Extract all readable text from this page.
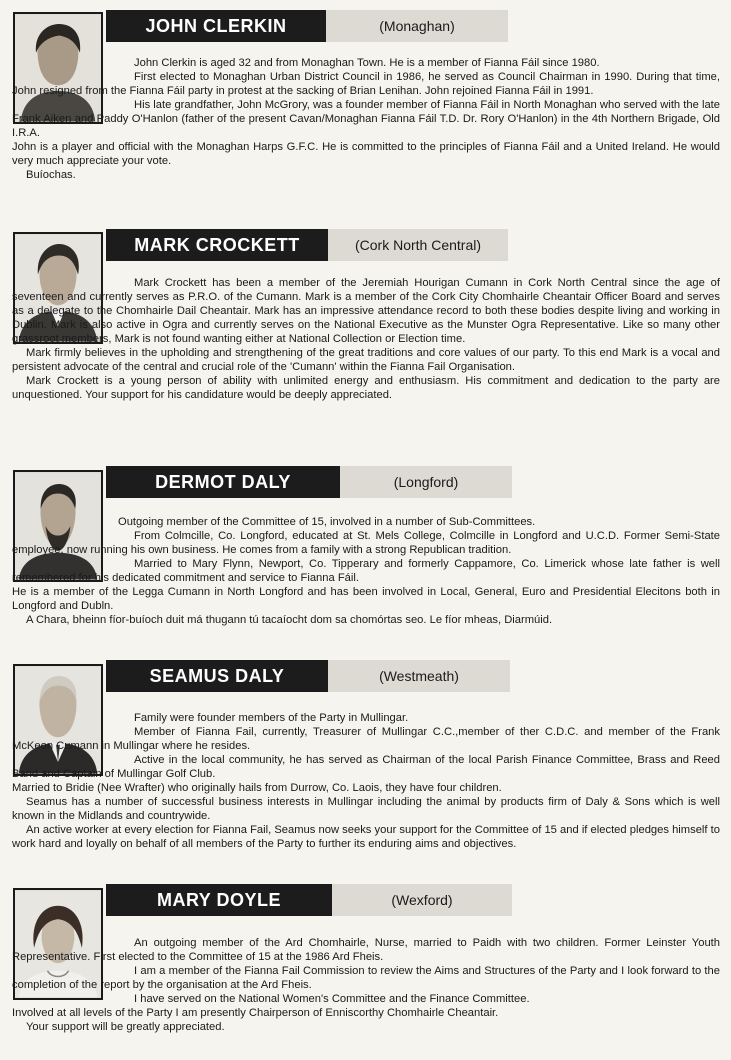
JOHN CLERKIN	(Monaghan)

John Clerkin is aged 32 and from Monaghan Town. He is a member of Fianna Fáil since 1980.

First elected to Monaghan Urban District Council in 1986, he served as Council Chairman in 1990. During that time, John resigned from the Fianna Fáil party in protest at the sacking of Brian Lenihan. John rejoined Fianna Fáil in 1991.

His late grandfather, John McGrory, was a founder member of Fianna Fáil in North Monaghan who served with the late Frank Aiken and Paddy O'Hanlon (father of the present Cavan/Monaghan Fianna Fáil T.D. Dr. Rory O'Hanlon) in the 4th Northern Brigade, Old I.R.A.

John is a player and official with the Monaghan Harps G.F.C. He is committed to the principles of Fianna Fáil and a United Ireland. He would very much appreciate your vote.

Buíochas.

MARK CROCKETT	(Cork North Central)

Mark Crockett has been a member of the Jeremiah Hourigan Cumann in Cork North Central since the age of seventeen and currently serves as P.R.O. of the Cumann. Mark is a member of the Cork City Chomhairle Cheantair Officer Board and serves as a delegate to the Chomhairle Dail Cheantair. Mark has an impressive attendance record to both these bodies despite living and working in Dublin. Mark is also active in Ogra and currently serves on the National Executive as the Munster Ogra Representative. Like so many other grassroot members, Mark is not found wanting either at National Collection or Election time.

Mark firmly believes in the upholding and strengthening of the great traditions and core values of our party. To this end Mark is a vocal and persistent advocate of the central and crucial role of the 'Cumann' within the Fianna Fail Organisation.

Mark Crockett is a young person of ability with unlimited energy and enthusiasm. His commitment and dedication to the party are unquestioned. Your support for his candidature would be deeply appreciated.

DERMOT DALY	(Longford)

Outgoing member of the Committee of 15, involved in a number of Sub-Committees.

From Colmcille, Co. Longford, educated at St. Mels College, Colmcille in Longford and U.C.D. Former Semi-State employee, now running his own business. He comes from a family with a strong Republican tradition.

Married to Mary Flynn, Newport, Co. Tipperary and formerly Cappamore, Co. Limerick whose late father is well remembered for his dedicated commitment and service to Fianna Fáil.

He is a member of the Legga Cumann in North Longford and has been involved in Local, General, Euro and Presidential Elecitons both in Longford and Dubln.

A Chara, bheinn fíor-buíoch duit má thugann tú tacaíocht dom sa chomórtas seo. Le fíor mheas, Diarmúid.

SEAMUS DALY	(Westmeath)

Family were founder members of the Party in Mullingar.

Member of Fianna Fail, currently, Treasurer of Mullingar C.C.,member of ther C.D.C. and member of the Frank McKeon Cumann in Mullingar where he resides.

Active in the local community, he has served as Chairman of the local Parish Finance Committee, Brass and Reed Band and Captain of Mullingar Golf Club.

Married to Bridie (Nee Wrafter) who originally hails from Durrow, Co. Laois, they have four children.

Seamus has a number of successful business interests in Mullingar including the animal by products firm of Daly & Sons which is well known in the Midlands and countrywide.

An active worker at every election for Fianna Fail, Seamus now seeks your support for the Committee of 15 and if elected pledges himself to work hard and loyally on behalf of all members of the Party to further its enduring aims and objectives.

MARY DOYLE	(Wexford)

An outgoing member of the Ard Chomhairle, Nurse, married to Paidh with two children. Former Leinster Youth Representative. First elected to the Committee of 15 at the 1986 Ard Fheis.

I am a member of the Fianna Fail Commission to review the Aims and Structures of the Party and I look forward to the completion of the report by the organisation at the Ard Fheis.

I have served on the National Women's Committee and the Finance Committee.

Involved at all levels of the Party I am presently Chairperson of Enniscorthy Chomhairle Cheantair.

Your support will be greatly appreciated.
